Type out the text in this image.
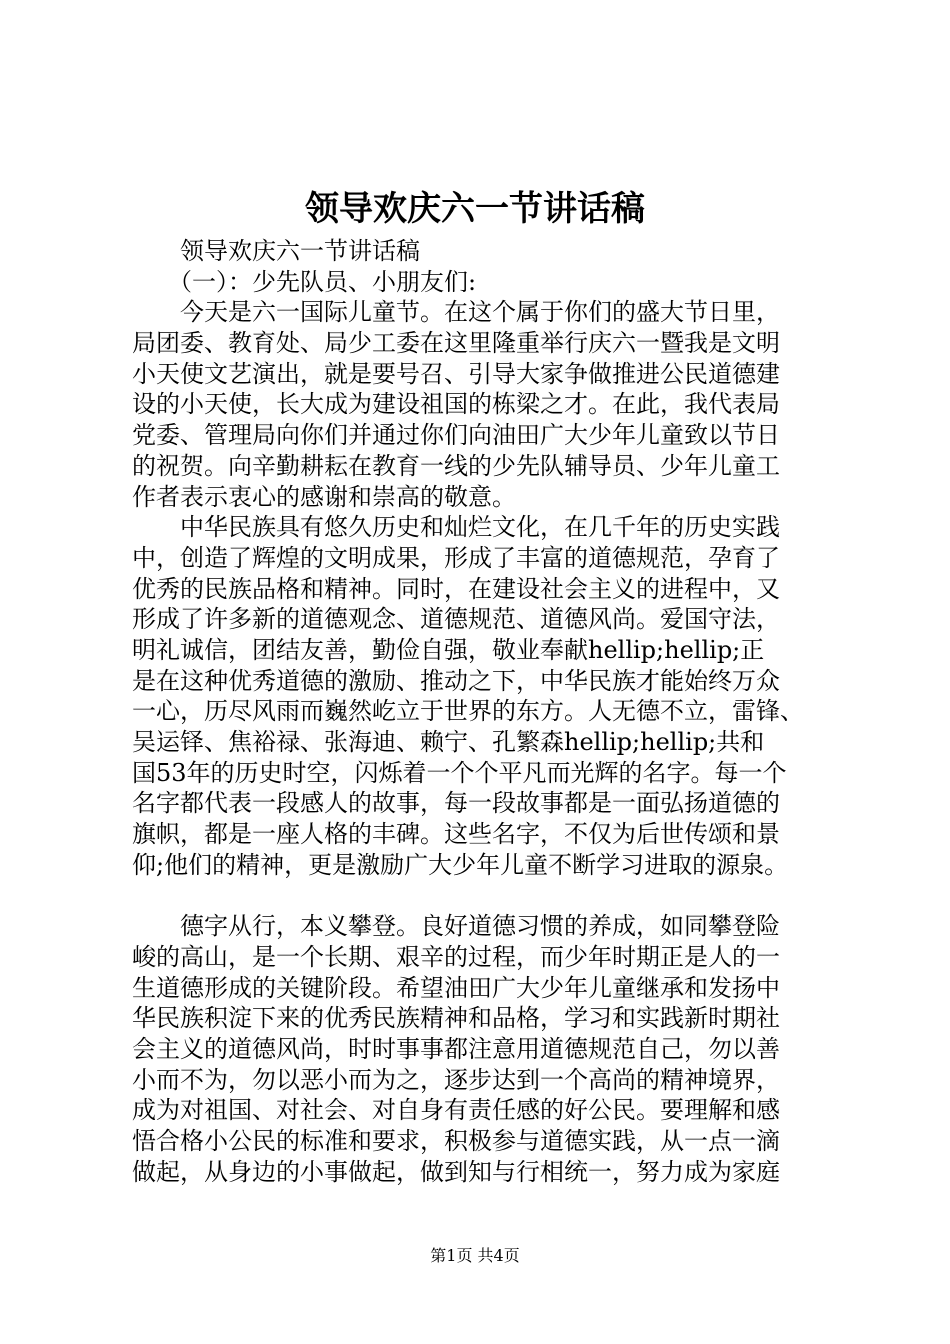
领导欢庆六一节讲话稿
　　领导欢庆六一节讲话稿
　　（一）：少先队员、小朋友们:
　　今天是六一国际儿童节。在这个属于你们的盛大节日里，
局团委、教育处、局少工委在这里隆重举行庆六一暨我是文明
小天使文艺演出，就是要号召、引导大家争做推进公民道德建
设的小天使，长大成为建设祖国的栋梁之才。在此，我代表局
党委、管理局向你们并通过你们向油田广大少年儿童致以节日
的祝贺。向辛勤耕耘在教育一线的少先队辅导员、少年儿童工
作者表示衷心的感谢和崇高的敬意。
　　中华民族具有悠久历史和灿烂文化，在几千年的历史实践
中，创造了辉煌的文明成果，形成了丰富的道德规范，孕育了
优秀的民族品格和精神。同时，在建设社会主义的进程中，又
形成了许多新的道德观念、道德规范、道德风尚。爱国守法，
明礼诚信，团结友善，勤俭自强，敬业奉献hellip;hellip;正
是在这种优秀道德的激励、推动之下，中华民族才能始终万众
一心，历尽风雨而巍然屹立于世界的东方。人无德不立，雷锋、
吴运铎、焦裕禄、张海迪、赖宁、孔繁森hellip;hellip;共和
国53年的历史时空，闪烁着一个个平凡而光辉的名字。每一个
名字都代表一段感人的故事，每一段故事都是一面弘扬道德的
旗帜，都是一座人格的丰碑。这些名字，不仅为后世传颂和景
仰;他们的精神，更是激励广大少年儿童不断学习进取的源泉。
　　德字从行，本义攀登。良好道德习惯的养成，如同攀登险
峻的高山，是一个长期、艰辛的过程，而少年时期正是人的一
生道德形成的关键阶段。希望油田广大少年儿童继承和发扬中
华民族积淀下来的优秀民族精神和品格，学习和实践新时期社
会主义的道德风尚，时时事事都注意用道德规范自己，勿以善
小而不为，勿以恶小而为之，逐步达到一个高尚的精神境界，
成为对祖国、对社会、对自身有责任感的好公民。要理解和感
悟合格小公民的标准和要求，积极参与道德实践，从一点一滴
做起，从身边的小事做起，做到知与行相统一，努力成为家庭
第1页 共4页
